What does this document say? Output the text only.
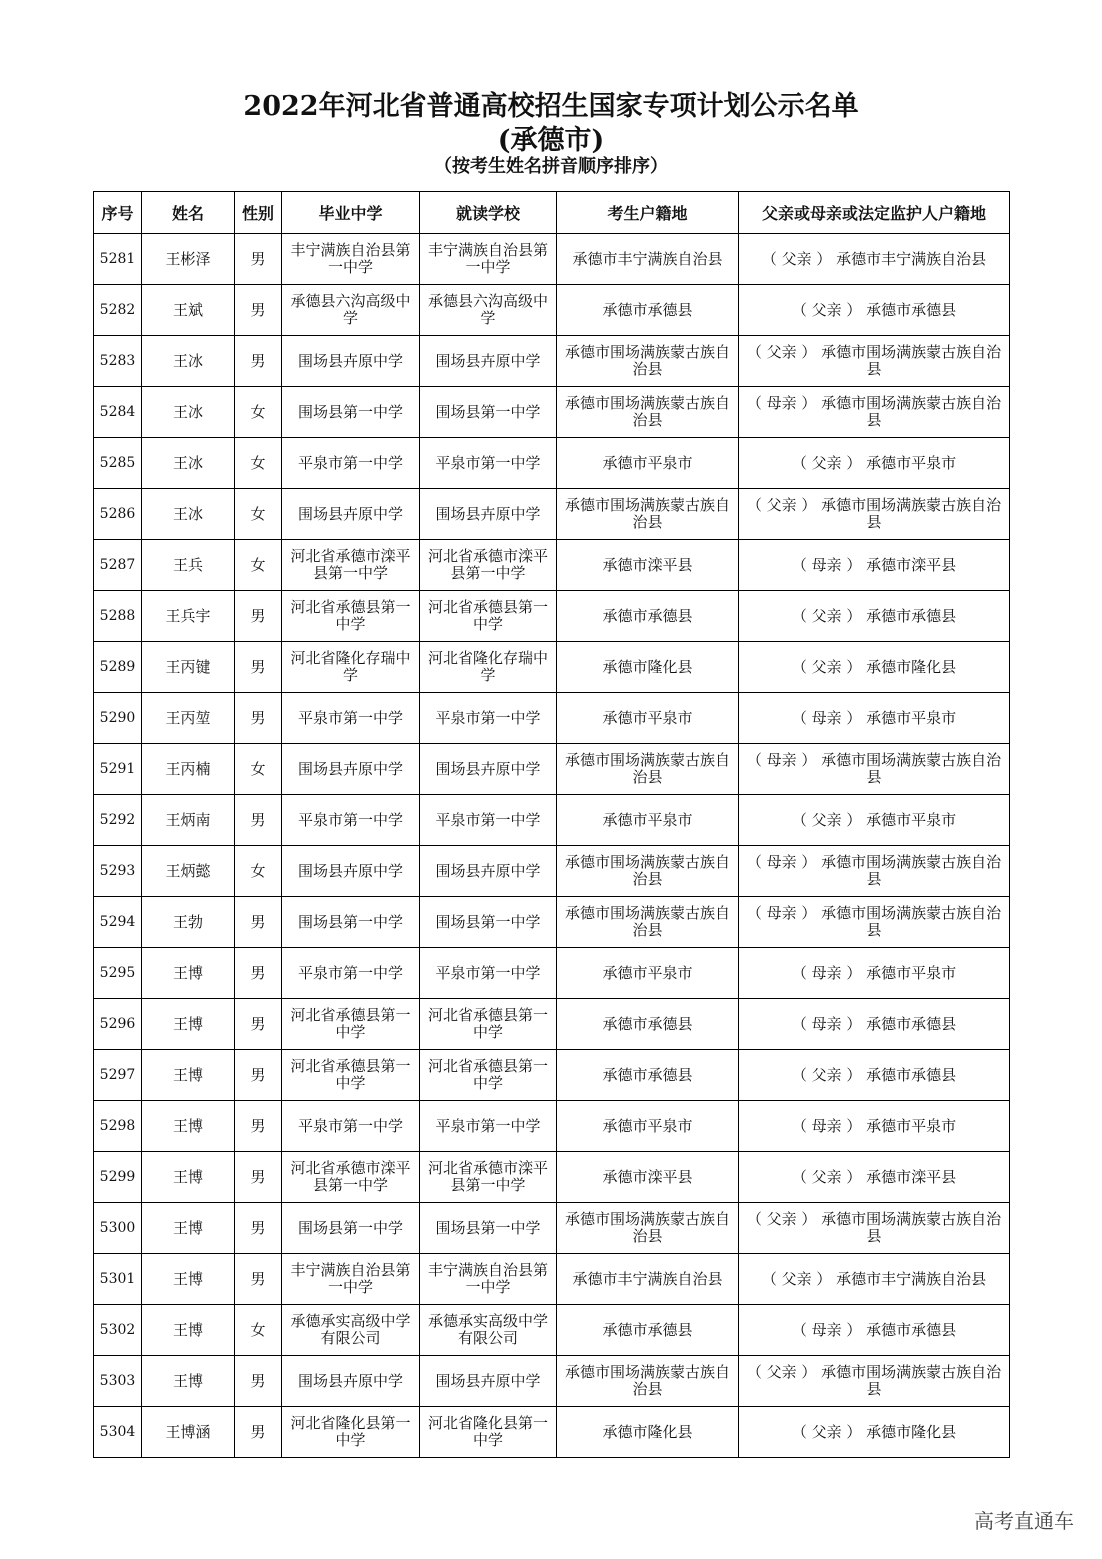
2022年河北省普通高校招生国家专项计划公示名单
(承德市)
（按考生姓名拼音顺序排序）
序号	姓名	性别	毕业中学	就读学校	考生户籍地	父亲或母亲或法定监护人户籍地
5281	王彬泽	男	丰宁满族自治县第一中学	丰宁满族自治县第一中学	承德市丰宁满族自治县	（ 父亲 ） 承德市丰宁满族自治县
5282	王斌	男	承德县六沟高级中学	承德县六沟高级中学	承德市承德县	（ 父亲 ） 承德市承德县
5283	王冰	男	围场县卉原中学	围场县卉原中学	承德市围场满族蒙古族自治县	（ 父亲 ） 承德市围场满族蒙古族自治县
5284	王冰	女	围场县第一中学	围场县第一中学	承德市围场满族蒙古族自治县	（ 母亲 ） 承德市围场满族蒙古族自治县
5285	王冰	女	平泉市第一中学	平泉市第一中学	承德市平泉市	（ 父亲 ） 承德市平泉市
5286	王冰	女	围场县卉原中学	围场县卉原中学	承德市围场满族蒙古族自治县	（ 父亲 ） 承德市围场满族蒙古族自治县
5287	王兵	女	河北省承德市滦平县第一中学	河北省承德市滦平县第一中学	承德市滦平县	（ 母亲 ） 承德市滦平县
5288	王兵宇	男	河北省承德县第一中学	河北省承德县第一中学	承德市承德县	（ 父亲 ） 承德市承德县
5289	王丙键	男	河北省隆化存瑞中学	河北省隆化存瑞中学	承德市隆化县	（ 父亲 ） 承德市隆化县
5290	王丙堃	男	平泉市第一中学	平泉市第一中学	承德市平泉市	（ 母亲 ） 承德市平泉市
5291	王丙楠	女	围场县卉原中学	围场县卉原中学	承德市围场满族蒙古族自治县	（ 母亲 ） 承德市围场满族蒙古族自治县
5292	王炳南	男	平泉市第一中学	平泉市第一中学	承德市平泉市	（ 父亲 ） 承德市平泉市
5293	王炳懿	女	围场县卉原中学	围场县卉原中学	承德市围场满族蒙古族自治县	（ 母亲 ） 承德市围场满族蒙古族自治县
5294	王勃	男	围场县第一中学	围场县第一中学	承德市围场满族蒙古族自治县	（ 母亲 ） 承德市围场满族蒙古族自治县
5295	王博	男	平泉市第一中学	平泉市第一中学	承德市平泉市	（ 母亲 ） 承德市平泉市
5296	王博	男	河北省承德县第一中学	河北省承德县第一中学	承德市承德县	（ 母亲 ） 承德市承德县
5297	王博	男	河北省承德县第一中学	河北省承德县第一中学	承德市承德县	（ 父亲 ） 承德市承德县
5298	王博	男	平泉市第一中学	平泉市第一中学	承德市平泉市	（ 母亲 ） 承德市平泉市
5299	王博	男	河北省承德市滦平县第一中学	河北省承德市滦平县第一中学	承德市滦平县	（ 父亲 ） 承德市滦平县
5300	王博	男	围场县第一中学	围场县第一中学	承德市围场满族蒙古族自治县	（ 父亲 ） 承德市围场满族蒙古族自治县
5301	王博	男	丰宁满族自治县第一中学	丰宁满族自治县第一中学	承德市丰宁满族自治县	（ 父亲 ） 承德市丰宁满族自治县
5302	王博	女	承德承实高级中学有限公司	承德承实高级中学有限公司	承德市承德县	（ 母亲 ） 承德市承德县
5303	王博	男	围场县卉原中学	围场县卉原中学	承德市围场满族蒙古族自治县	（ 父亲 ） 承德市围场满族蒙古族自治县
5304	王博涵	男	河北省隆化县第一中学	河北省隆化县第一中学	承德市隆化县	（ 父亲 ） 承德市隆化县
高考直通车
